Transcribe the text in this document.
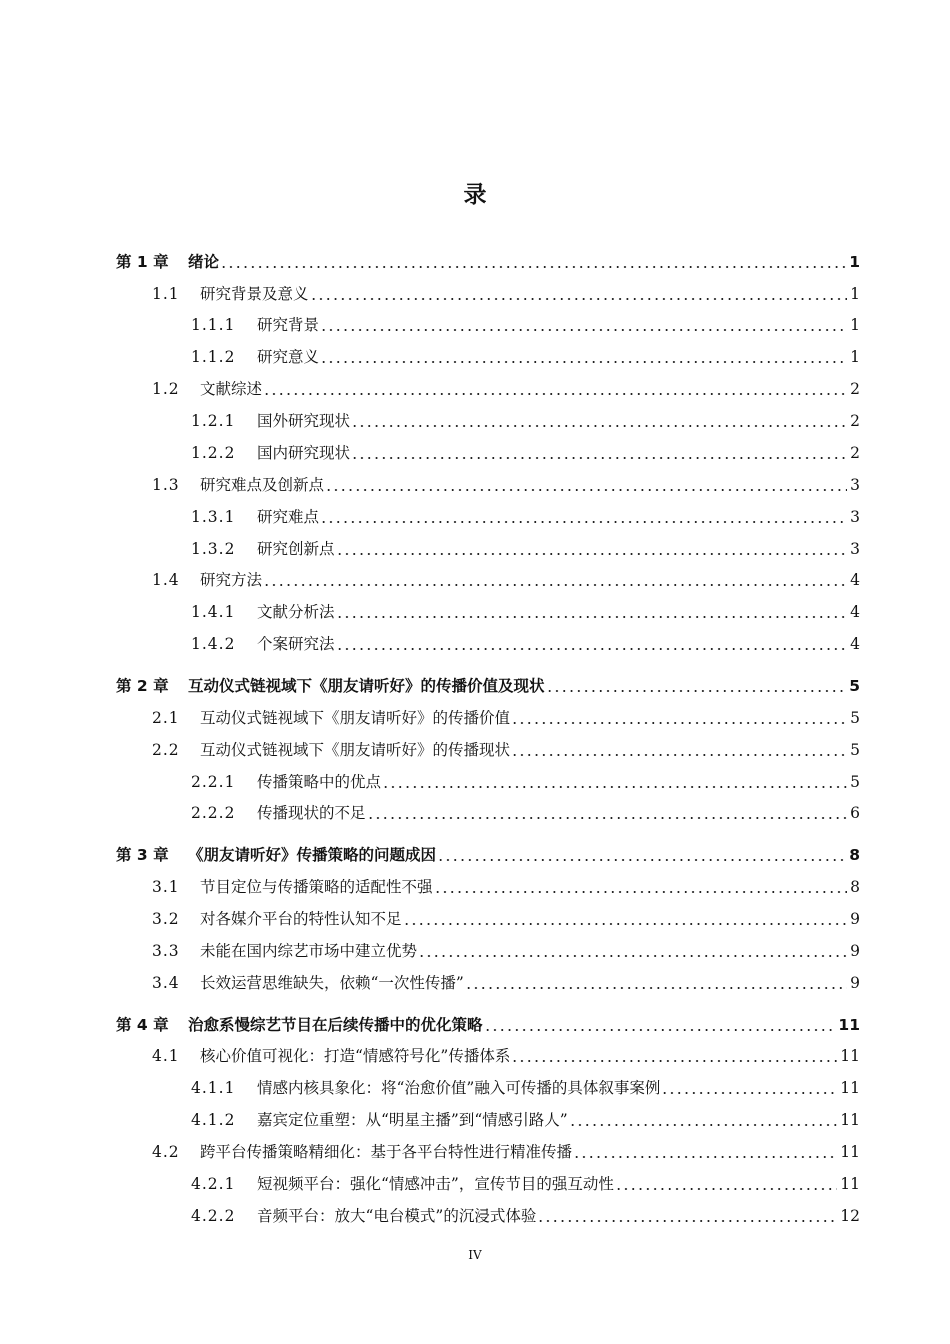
录
第 1 章	绪论	1
1.1	研究背景及意义	1
1.1.1	研究背景	1
1.1.2	研究意义	1
1.2	文献综述	2
1.2.1	国外研究现状	2
1.2.2	国内研究现状	2
1.3	研究难点及创新点	3
1.3.1	研究难点	3
1.3.2	研究创新点	3
1.4	研究方法	4
1.4.1	文献分析法	4
1.4.2	个案研究法	4
第 2 章	互动仪式链视域下《朋友请听好》的传播价值及现状	5
2.1	互动仪式链视域下《朋友请听好》的传播价值	5
2.2	互动仪式链视域下《朋友请听好》的传播现状	5
2.2.1	传播策略中的优点	5
2.2.2	传播现状的不足	6
第 3 章	《朋友请听好》传播策略的问题成因	8
3.1	节目定位与传播策略的适配性不强	8
3.2	对各媒介平台的特性认知不足	9
3.3	未能在国内综艺市场中建立优势	9
3.4	长效运营思维缺失，依赖“一次性传播”	9
第 4 章	治愈系慢综艺节目在后续传播中的优化策略	11
4.1	核心价值可视化：打造“情感符号化”传播体系	11
4.1.1	情感内核具象化：将“治愈价值”融入可传播的具体叙事案例	11
4.1.2	嘉宾定位重塑：从“明星主播”到“情感引路人”	11
4.2	跨平台传播策略精细化：基于各平台特性进行精准传播	11
4.2.1	短视频平台：强化“情感冲击”，宣传节目的强互动性	11
4.2.2	音频平台：放大“电台模式”的沉浸式体验	12
IV
